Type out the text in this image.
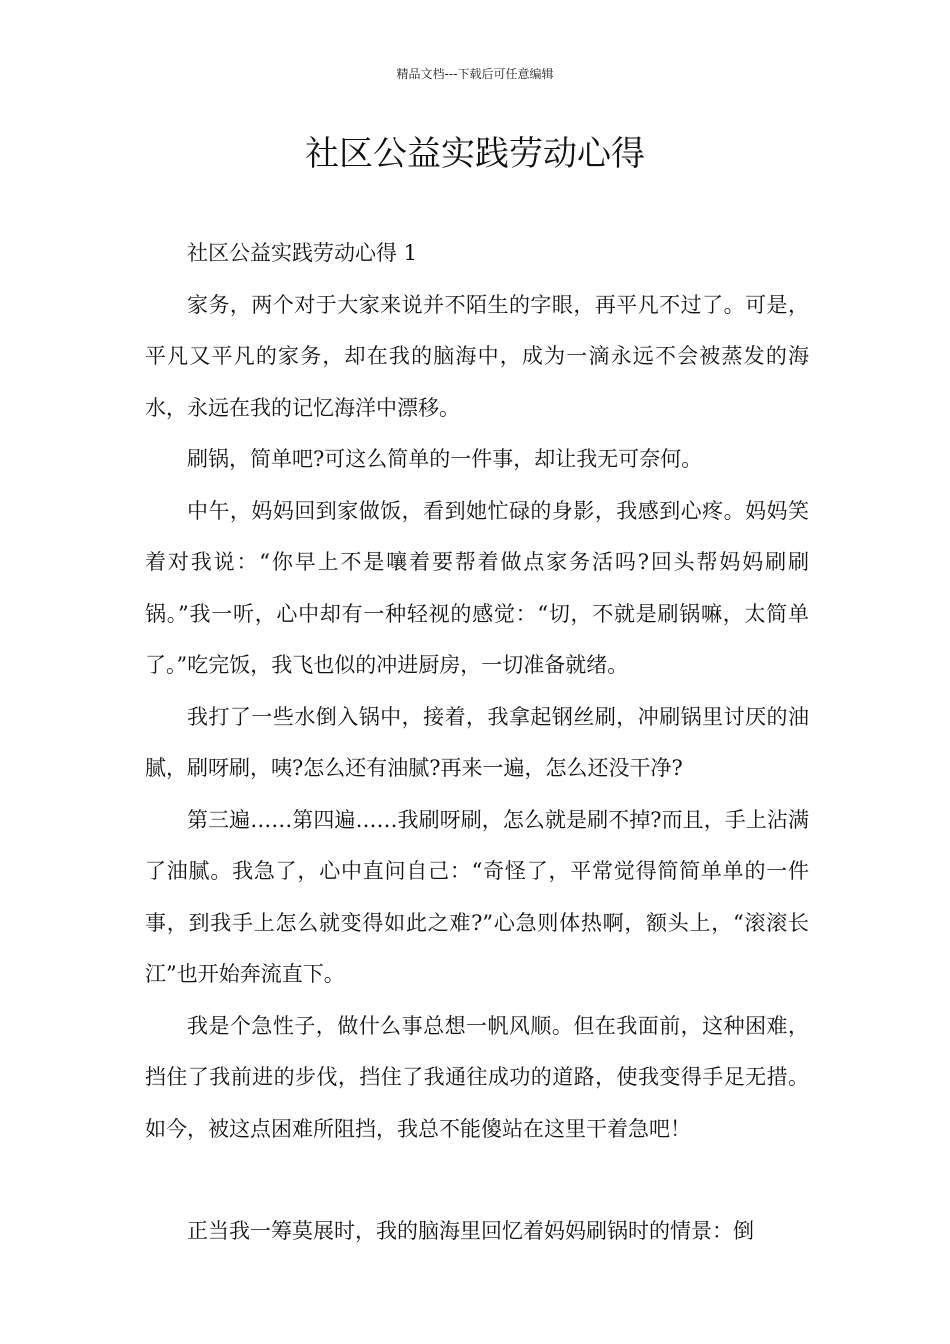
精品文档---下载后可任意编辑
社区公益实践劳动心得

社区公益实践劳动心得 1

家务，两个对于大家来说并不陌生的字眼，再平凡不过了。可是，平凡又平凡的家务，却在我的脑海中，成为一滴永远不会被蒸发的海水，永远在我的记忆海洋中漂移。

刷锅，简单吧?可这么简单的一件事，却让我无可奈何。

中午，妈妈回到家做饭，看到她忙碌的身影，我感到心疼。妈妈笑着对我说：“你早上不是嚷着要帮着做点家务活吗?回头帮妈妈刷刷锅。”我一听，心中却有一种轻视的感觉：“切，不就是刷锅嘛，太简单了。”吃完饭，我飞也似的冲进厨房，一切准备就绪。

我打了一些水倒入锅中，接着，我拿起钢丝刷，冲刷锅里讨厌的油腻，刷呀刷，咦?怎么还有油腻?再来一遍，怎么还没干净?

第三遍……第四遍……我刷呀刷，怎么就是刷不掉?而且，手上沾满了油腻。我急了，心中直问自己：“奇怪了，平常觉得简简单单的一件事，到我手上怎么就变得如此之难?”心急则体热啊，额头上，“滚滚长江”也开始奔流直下。

我是个急性子，做什么事总想一帆风顺。但在我面前，这种困难，挡住了我前进的步伐，挡住了我通往成功的道路，使我变得手足无措。如今，被这点困难所阻挡，我总不能傻站在这里干着急吧！

正当我一筹莫展时，我的脑海里回忆着妈妈刷锅时的情景：倒
